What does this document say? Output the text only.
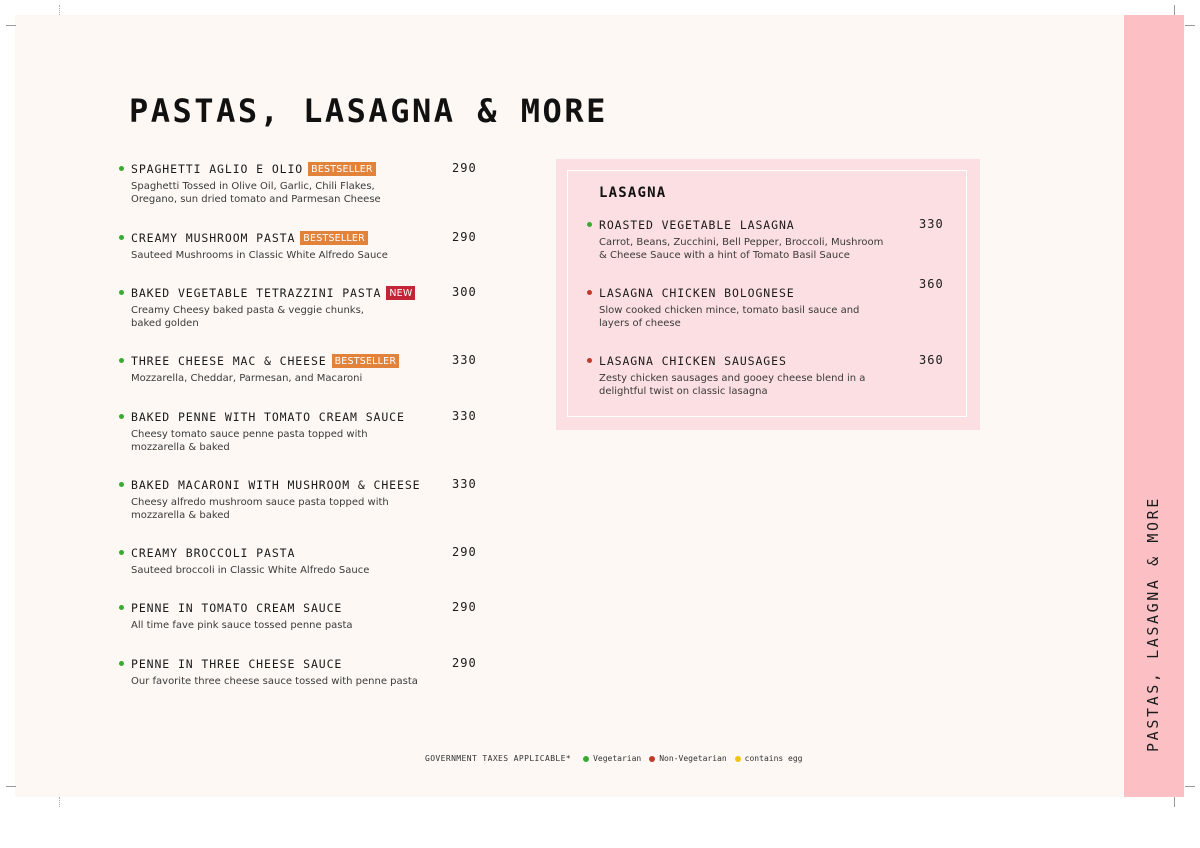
PASTAS, LASAGNA & MORE
PASTAS, LASAGNA & MORE
SPAGHETTI AGLIO E OLIO BESTSELLER
Spaghetti Tossed in Olive Oil, Garlic, Chili Flakes,
Oregano, sun dried tomato and Parmesan Cheese
290
CREAMY MUSHROOM PASTA BESTSELLER
Sauteed Mushrooms in Classic White Alfredo Sauce
290
BAKED VEGETABLE TETRAZZINI PASTA NEW
Creamy Cheesy baked pasta & veggie chunks,
baked golden
300
THREE CHEESE MAC & CHEESE BESTSELLER
Mozzarella, Cheddar, Parmesan, and Macaroni
330
BAKED PENNE WITH TOMATO CREAM SAUCE
Cheesy tomato sauce penne pasta topped with
mozzarella & baked
330
BAKED MACARONI WITH MUSHROOM & CHEESE
Cheesy alfredo mushroom sauce pasta topped with
mozzarella & baked
330
CREAMY BROCCOLI PASTA
Sauteed broccoli in Classic White Alfredo Sauce
290
PENNE IN TOMATO CREAM SAUCE
All time fave pink sauce tossed penne pasta
290
PENNE IN THREE CHEESE SAUCE
Our favorite three cheese sauce tossed with penne pasta
290
LASAGNA
ROASTED VEGETABLE LASAGNA
Carrot, Beans, Zucchini, Bell Pepper, Broccoli, Mushroom
& Cheese Sauce with a hint of Tomato Basil Sauce
330
LASAGNA CHICKEN BOLOGNESE
Slow cooked chicken mince, tomato basil sauce and
layers of cheese
360
LASAGNA CHICKEN SAUSAGES
Zesty chicken sausages and gooey cheese blend in a
delightful twist on classic lasagna
360
GOVERNMENT TAXES APPLICABLE*	Vegetarian Non-Vegetarian contains egg
